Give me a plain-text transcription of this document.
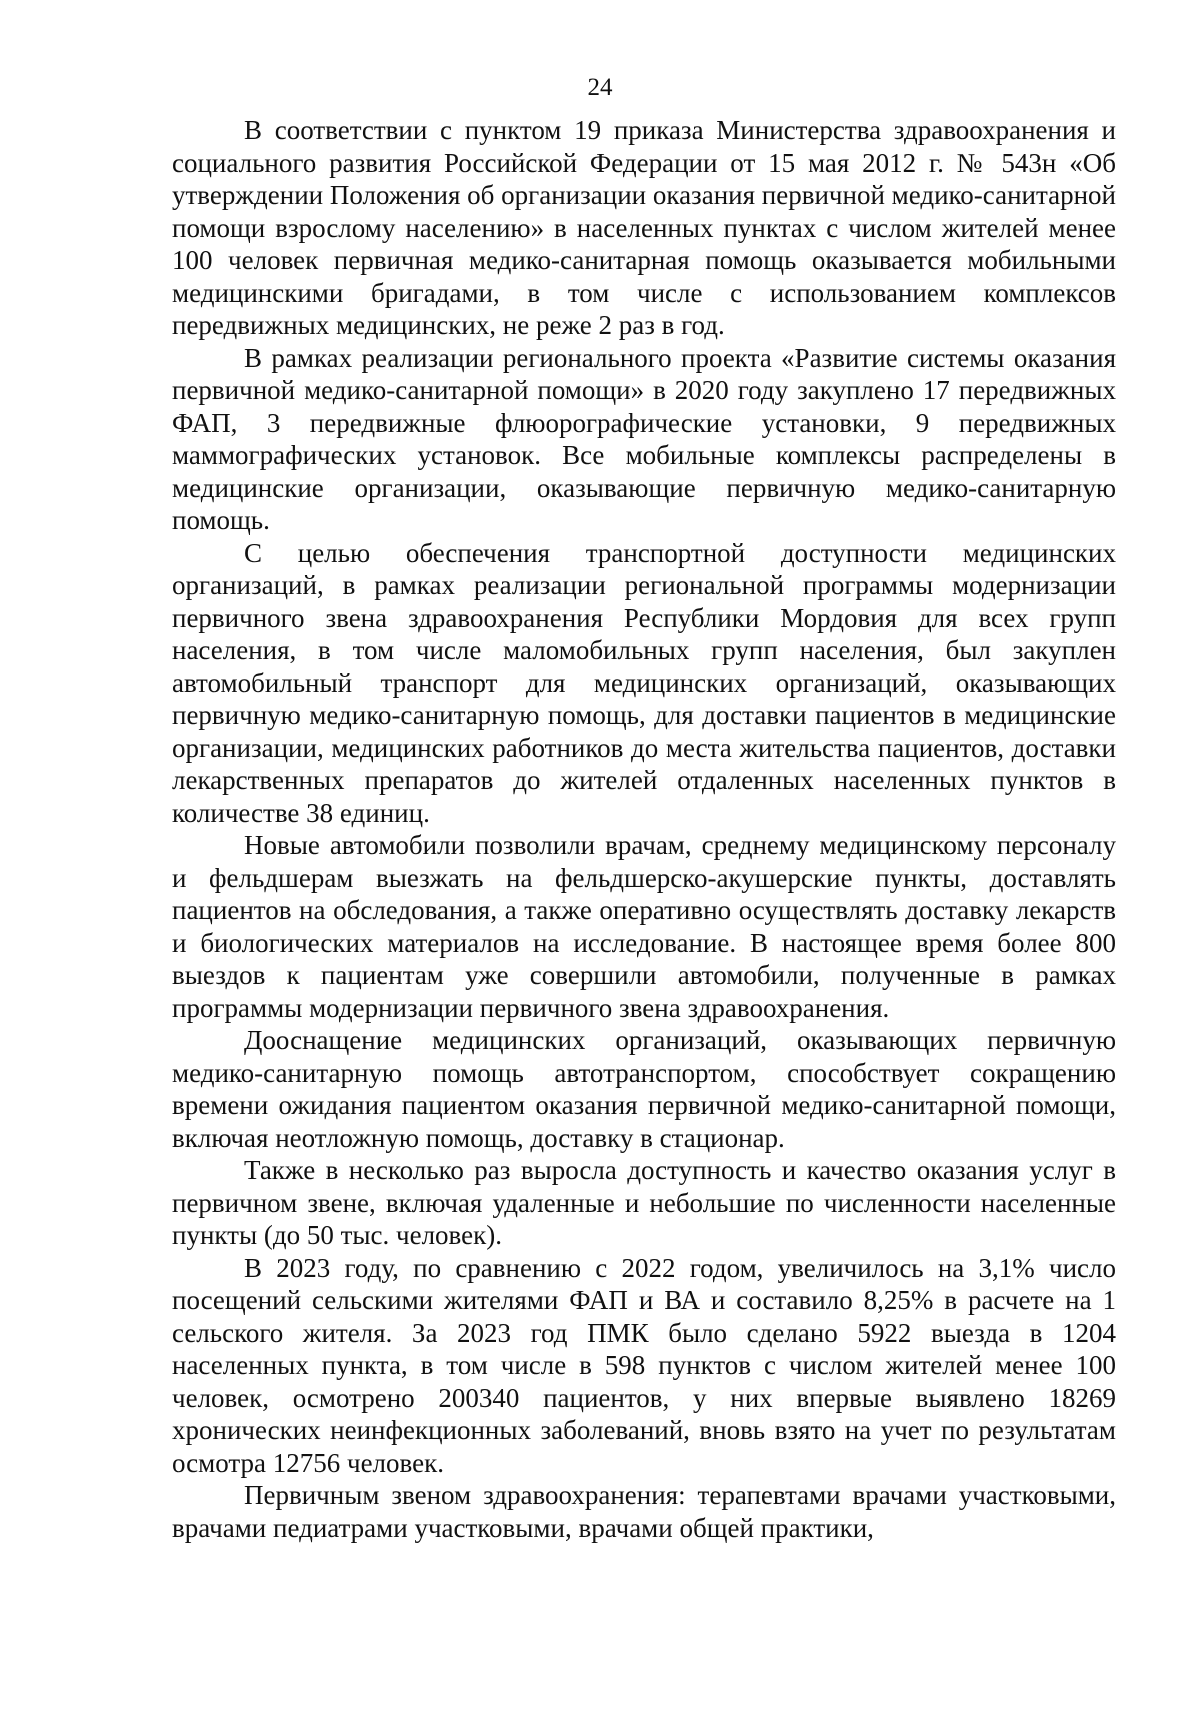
24

В соответствии с пунктом 19 приказа Министерства здравоохранения и социального развития Российской Федерации от 15 мая 2012 г. № 543н «Об утверждении Положения об организации оказания первичной медико-санитарной помощи взрослому населению» в населенных пунктах с числом жителей менее 100 человек первичная медико-санитарная помощь оказывается мобильными медицинскими бригадами, в том числе с использованием комплексов передвижных медицинских, не реже 2 раз в год.

В рамках реализации регионального проекта «Развитие системы оказания первичной медико-санитарной помощи» в 2020 году закуплено 17 передвижных ФАП, 3 передвижные флюорографические установки, 9 передвижных маммографических установок. Все мобильные комплексы распределены в медицинские организации, оказывающие первичную медико-санитарную помощь.

С целью обеспечения транспортной доступности медицинских организаций, в рамках реализации региональной программы модернизации первичного звена здравоохранения Республики Мордовия для всех групп населения, в том числе маломобильных групп населения, был закуплен автомобильный транспорт для медицинских организаций, оказывающих первичную медико-санитарную помощь, для доставки пациентов в медицинские организации, медицинских работников до места жительства пациентов, доставки лекарственных препаратов до жителей отдаленных населенных пунктов в количестве 38 единиц.

Новые автомобили позволили врачам, среднему медицинскому персоналу и фельдшерам выезжать на фельдшерско-акушерские пункты, доставлять пациентов на обследования, а также оперативно осуществлять доставку лекарств и биологических материалов на исследование. В настоящее время более 800 выездов к пациентам уже совершили автомобили, полученные в рамках программы модернизации первичного звена здравоохранения.

Дооснащение медицинских организаций, оказывающих первичную медико-санитарную помощь автотранспортом, способствует сокращению времени ожидания пациентом оказания первичной медико-санитарной помощи, включая неотложную помощь, доставку в стационар.

Также в несколько раз выросла доступность и качество оказания услуг в первичном звене, включая удаленные и небольшие по численности населенные пункты (до 50 тыс. человек).

В 2023 году, по сравнению с 2022 годом, увеличилось на 3,1% число посещений сельскими жителями ФАП и ВА и составило 8,25% в расчете на 1 сельского жителя. За 2023 год ПМК было сделано 5922 выезда в 1204 населенных пункта, в том числе в 598 пунктов с числом жителей менее 100 человек, осмотрено 200340 пациентов, у них впервые выявлено 18269 хронических неинфекционных заболеваний, вновь взято на учет по результатам осмотра 12756 человек.

Первичным звеном здравоохранения: терапевтами врачами участковыми, врачами педиатрами участковыми, врачами общей практики,
